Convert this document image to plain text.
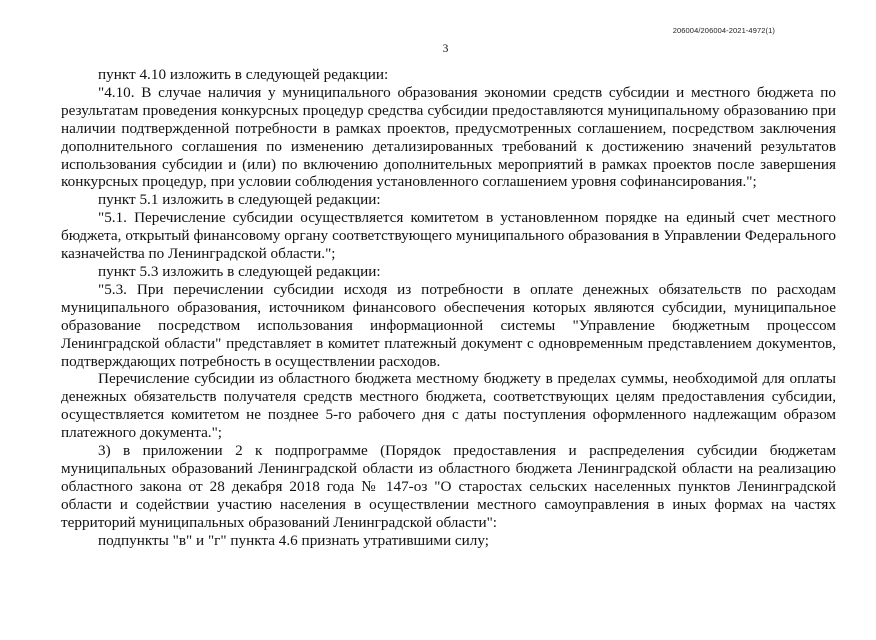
206004/206004-2021-4972(1)
3

пункт 4.10 изложить в следующей редакции:

"4.10. В случае наличия у муниципального образования экономии средств субсидии и местного бюджета по результатам проведения конкурсных процедур средства субсидии предоставляются муниципальному образованию при наличии подтвержденной потребности в рамках проектов, предусмотренных соглашением, посредством заключения дополнительного соглашения по изменению детализированных требований к достижению значений результатов использования субсидии и (или) по включению дополнительных мероприятий в рамках проектов после завершения конкурсных процедур, при условии соблюдения установленного соглашением уровня софинансирования.";

пункт 5.1 изложить в следующей редакции:

"5.1. Перечисление субсидии осуществляется комитетом в установленном порядке на единый счет местного бюджета, открытый финансовому органу соответствующего муниципального образования в Управлении Федерального казначейства по Ленинградской области.";

пункт 5.3 изложить в следующей редакции:

"5.3. При перечислении субсидии исходя из потребности в оплате денежных обязательств по расходам муниципального образования, источником финансового обеспечения которых являются субсидии, муниципальное образование посредством использования информационной системы "Управление бюджетным процессом Ленинградской области" представляет в комитет платежный документ с одновременным представлением документов, подтверждающих потребность в осуществлении расходов.

Перечисление субсидии из областного бюджета местному бюджету в пределах суммы, необходимой для оплаты денежных обязательств получателя средств местного бюджета, соответствующих целям предоставления субсидии, осуществляется комитетом не позднее 5-го рабочего дня с даты поступления оформленного надлежащим образом платежного документа.";

3) в приложении 2 к подпрограмме (Порядок предоставления и распределения субсидии бюджетам муниципальных образований Ленинградской области из областного бюджета Ленинградской области на реализацию областного закона от 28 декабря 2018 года № 147-оз "О старостах сельских населенных пунктов Ленинградской области и содействии участию населения в осуществлении местного самоуправления в иных формах на частях территорий муниципальных образований Ленинградской области":

подпункты "в" и "г" пункта 4.6 признать утратившими силу;
